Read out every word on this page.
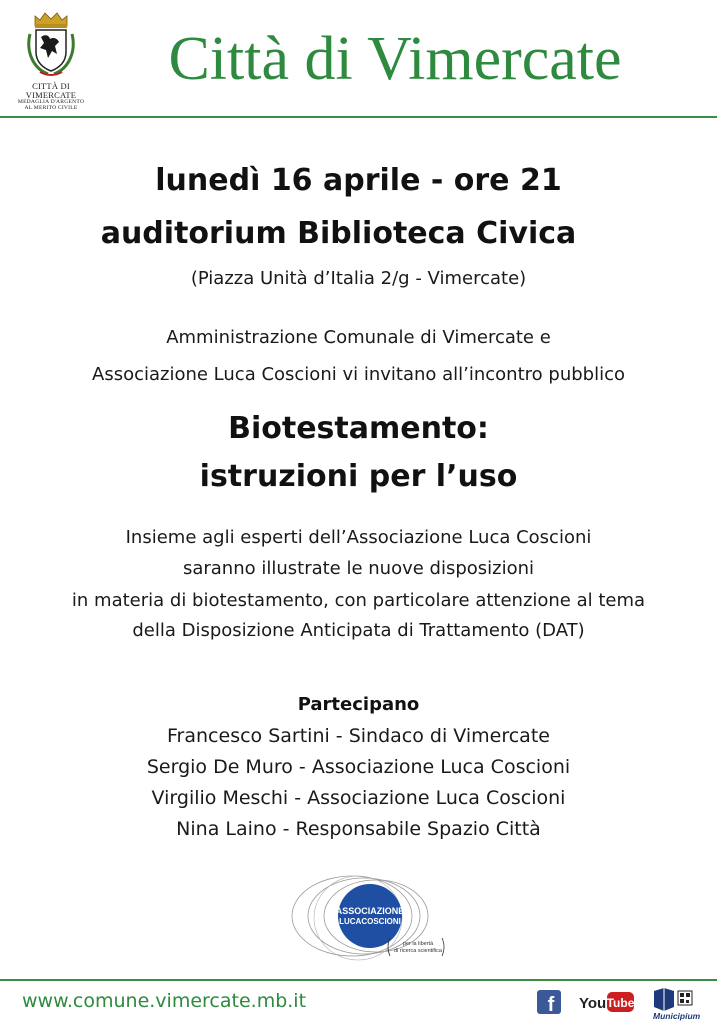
CITTÀ DI VIMERCATE
MEDAGLIA D'ARGENTO
AL MERITO CIVILE
Città di Vimercate
lunedì 16 aprile - ore 21
auditorium Biblioteca Civica
(Piazza Unità d’Italia 2/g - Vimercate)
Amministrazione Comunale di Vimercate e
Associazione Luca Coscioni vi invitano all’incontro pubblico
Biotestamento:
istruzioni per l’uso
Insieme agli esperti dell’Associazione Luca Coscioni
saranno illustrate le nuove disposizioni
in materia di biotestamento, con particolare attenzione al tema
della Disposizione Anticipata di Trattamento (DAT)
Partecipano
Francesco Sartini - Sindaco di Vimercate
Sergio De Muro - Associazione Luca Coscioni
Virgilio Meschi - Associazione Luca Coscioni
Nina Laino - Responsabile Spazio Città
ASSOCIAZIONE
LUCACOSCIONI
per la libertà
di ricerca scientifica
www.comune.vimercate.mb.it	f You Tube
Municipium
